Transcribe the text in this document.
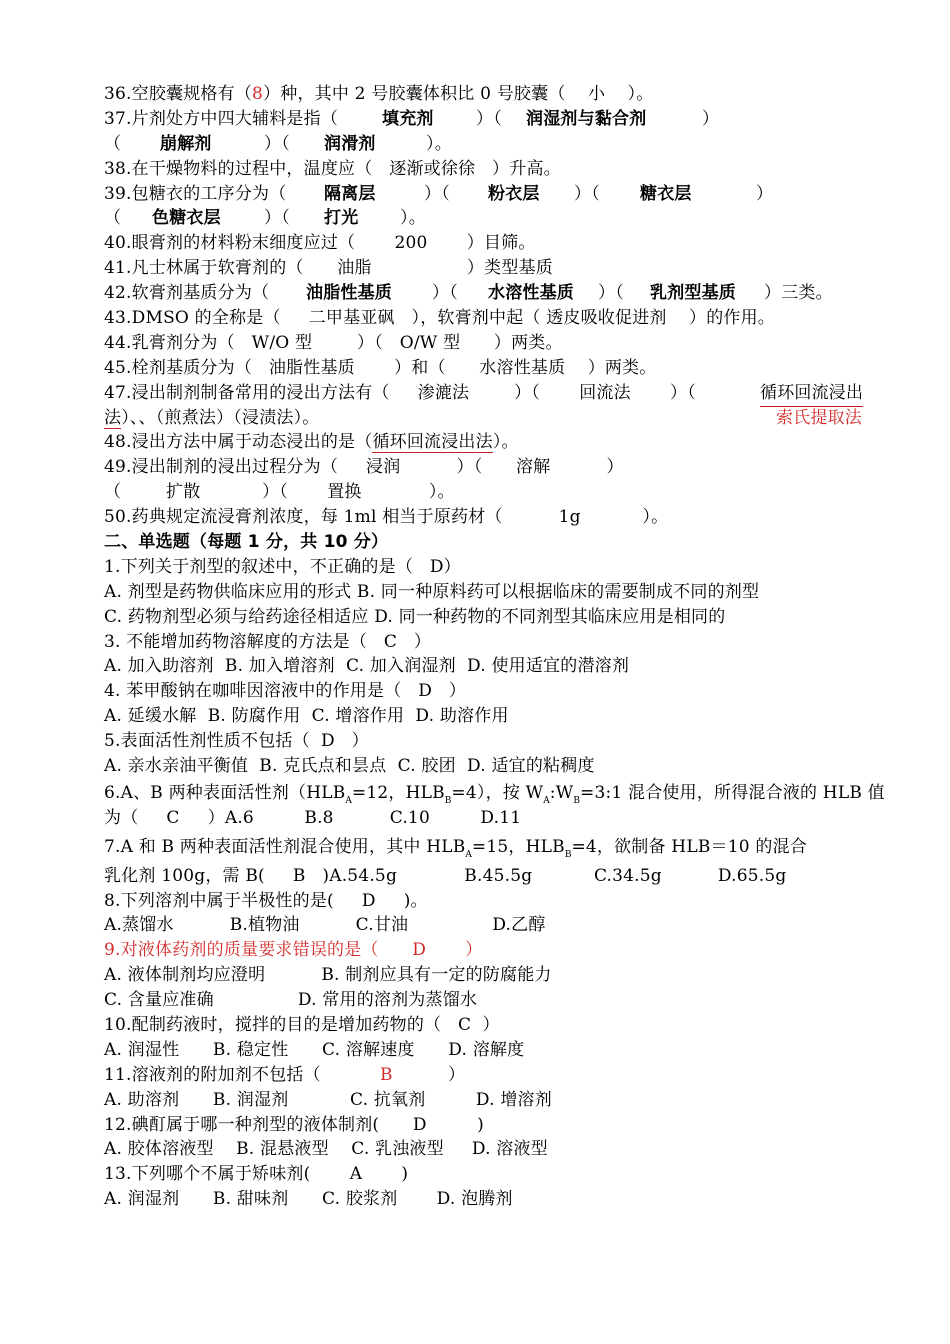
36.空胶囊规格有（8）种，其中 2 号胶囊体积比 0 号胶囊（    小    ）。
37.片剂处方中四大辅料是指（	填充剂 ）（ 润湿剂与黏合剂	）
（ 崩解剂	）（ 润滑剂	）。
38.在干燥物料的过程中，温度应（   逐渐或徐徐   ）升高。
39.包糖衣的工序分为（ 隔离层	）（ 粉衣层 ）（ 糖衣层	）
（ 色糖衣层	）（ 打光 ）。
40.眼膏剂的材料粉末细度应过（       200       ）目筛。
41.凡士林属于软膏剂的（      油脂                 ）类型基质
42.软膏剂基质分为（ 油脂性基质 ）（ 水溶性基质 ）（ 乳剂型基质 ）三类。
43.DMSO 的全称是（     二甲基亚砜   ），软膏剂中起（ 透皮吸收促进剂    ）的作用。
44.乳膏剂分为（   W/O 型        ）（   O/W 型      ）两类。
45.栓剂基质分为（   油脂性基质       ）和（      水溶性基质    ）两类。
47.浸出制剂制备常用的浸出方法有（     渗漉法        ）（       回流法       ）（	循环回流浸出
法）、、（煎煮法）（浸渍法）。	索氏提取法
48.浸出方法中属于动态浸出的是（循环回流浸出法）。
49.浸出制剂的浸出过程分为（     浸润          ）（      溶解          ）
（        扩散           ）（       置换            ）。
50.药典规定流浸膏剂浓度，每 1ml 相当于原药材（          1g           ）。
二、单选题（每题 1 分，共 10 分）
1.下列关于剂型的叙述中，不正确的是（   D）
A. 剂型是药物供临床应用的形式 B. 同一种原料药可以根据临床的需要制成不同的剂型
C. 药物剂型必须与给药途径相适应 D. 同一种药物的不同剂型其临床应用是相同的
3. 不能增加药物溶解度的方法是（   C   ）
A. 加入助溶剂  B. 加入增溶剂  C. 加入润湿剂  D. 使用适宜的潜溶剂
4. 苯甲酸钠在咖啡因溶液中的作用是（   D   ）
A. 延缓水解  B. 防腐作用  C. 增溶作用  D. 助溶作用
5.表面活性剂性质不包括（  D   ）
A. 亲水亲油平衡值  B. 克氏点和昙点  C. 胶团  D. 适宜的粘稠度
6.A、B 两种表面活性剂（$HLB_A=12$，$HLB_B=4$），按 $W_A:W_B=3:1$ 混合使用，所得混合液的 HLB 值
为（     C     ）A.6         B.8          C.10         D.11
7.A 和 B 两种表面活性剂混合使用，其中 $HLB_A=15$，$HLB_B=4$，欲制备 HLB＝10 的混合
乳化剂 100g，需 B(     B   )A.54.5g            B.45.5g           C.34.5g          D.65.5g
8.下列溶剂中属于半极性的是(     D     )。
A.蒸馏水          B.植物油          C.甘油               D.乙醇
9.对液体药剂的质量要求错误的是（      D       ）
A. 液体制剂均应澄明          B. 制剂应具有一定的防腐能力
C. 含量应准确               D. 常用的溶剂为蒸馏水
10.配制药液时，搅拌的目的是增加药物的（   C  ）
A. 润湿性      B. 稳定性      C. 溶解速度      D. 溶解度
11.溶液剂的附加剂不包括（	B	）
A. 助溶剂      B. 润湿剂           C. 抗氧剂         D. 增溶剂
12.碘酊属于哪一种剂型的液体制剂(      D         )
A. 胶体溶液型    B. 混悬液型    C. 乳浊液型     D. 溶液型
13.下列哪个不属于矫味剂(       A       )
A. 润湿剂      B. 甜味剂      C. 胶浆剂       D. 泡腾剂
